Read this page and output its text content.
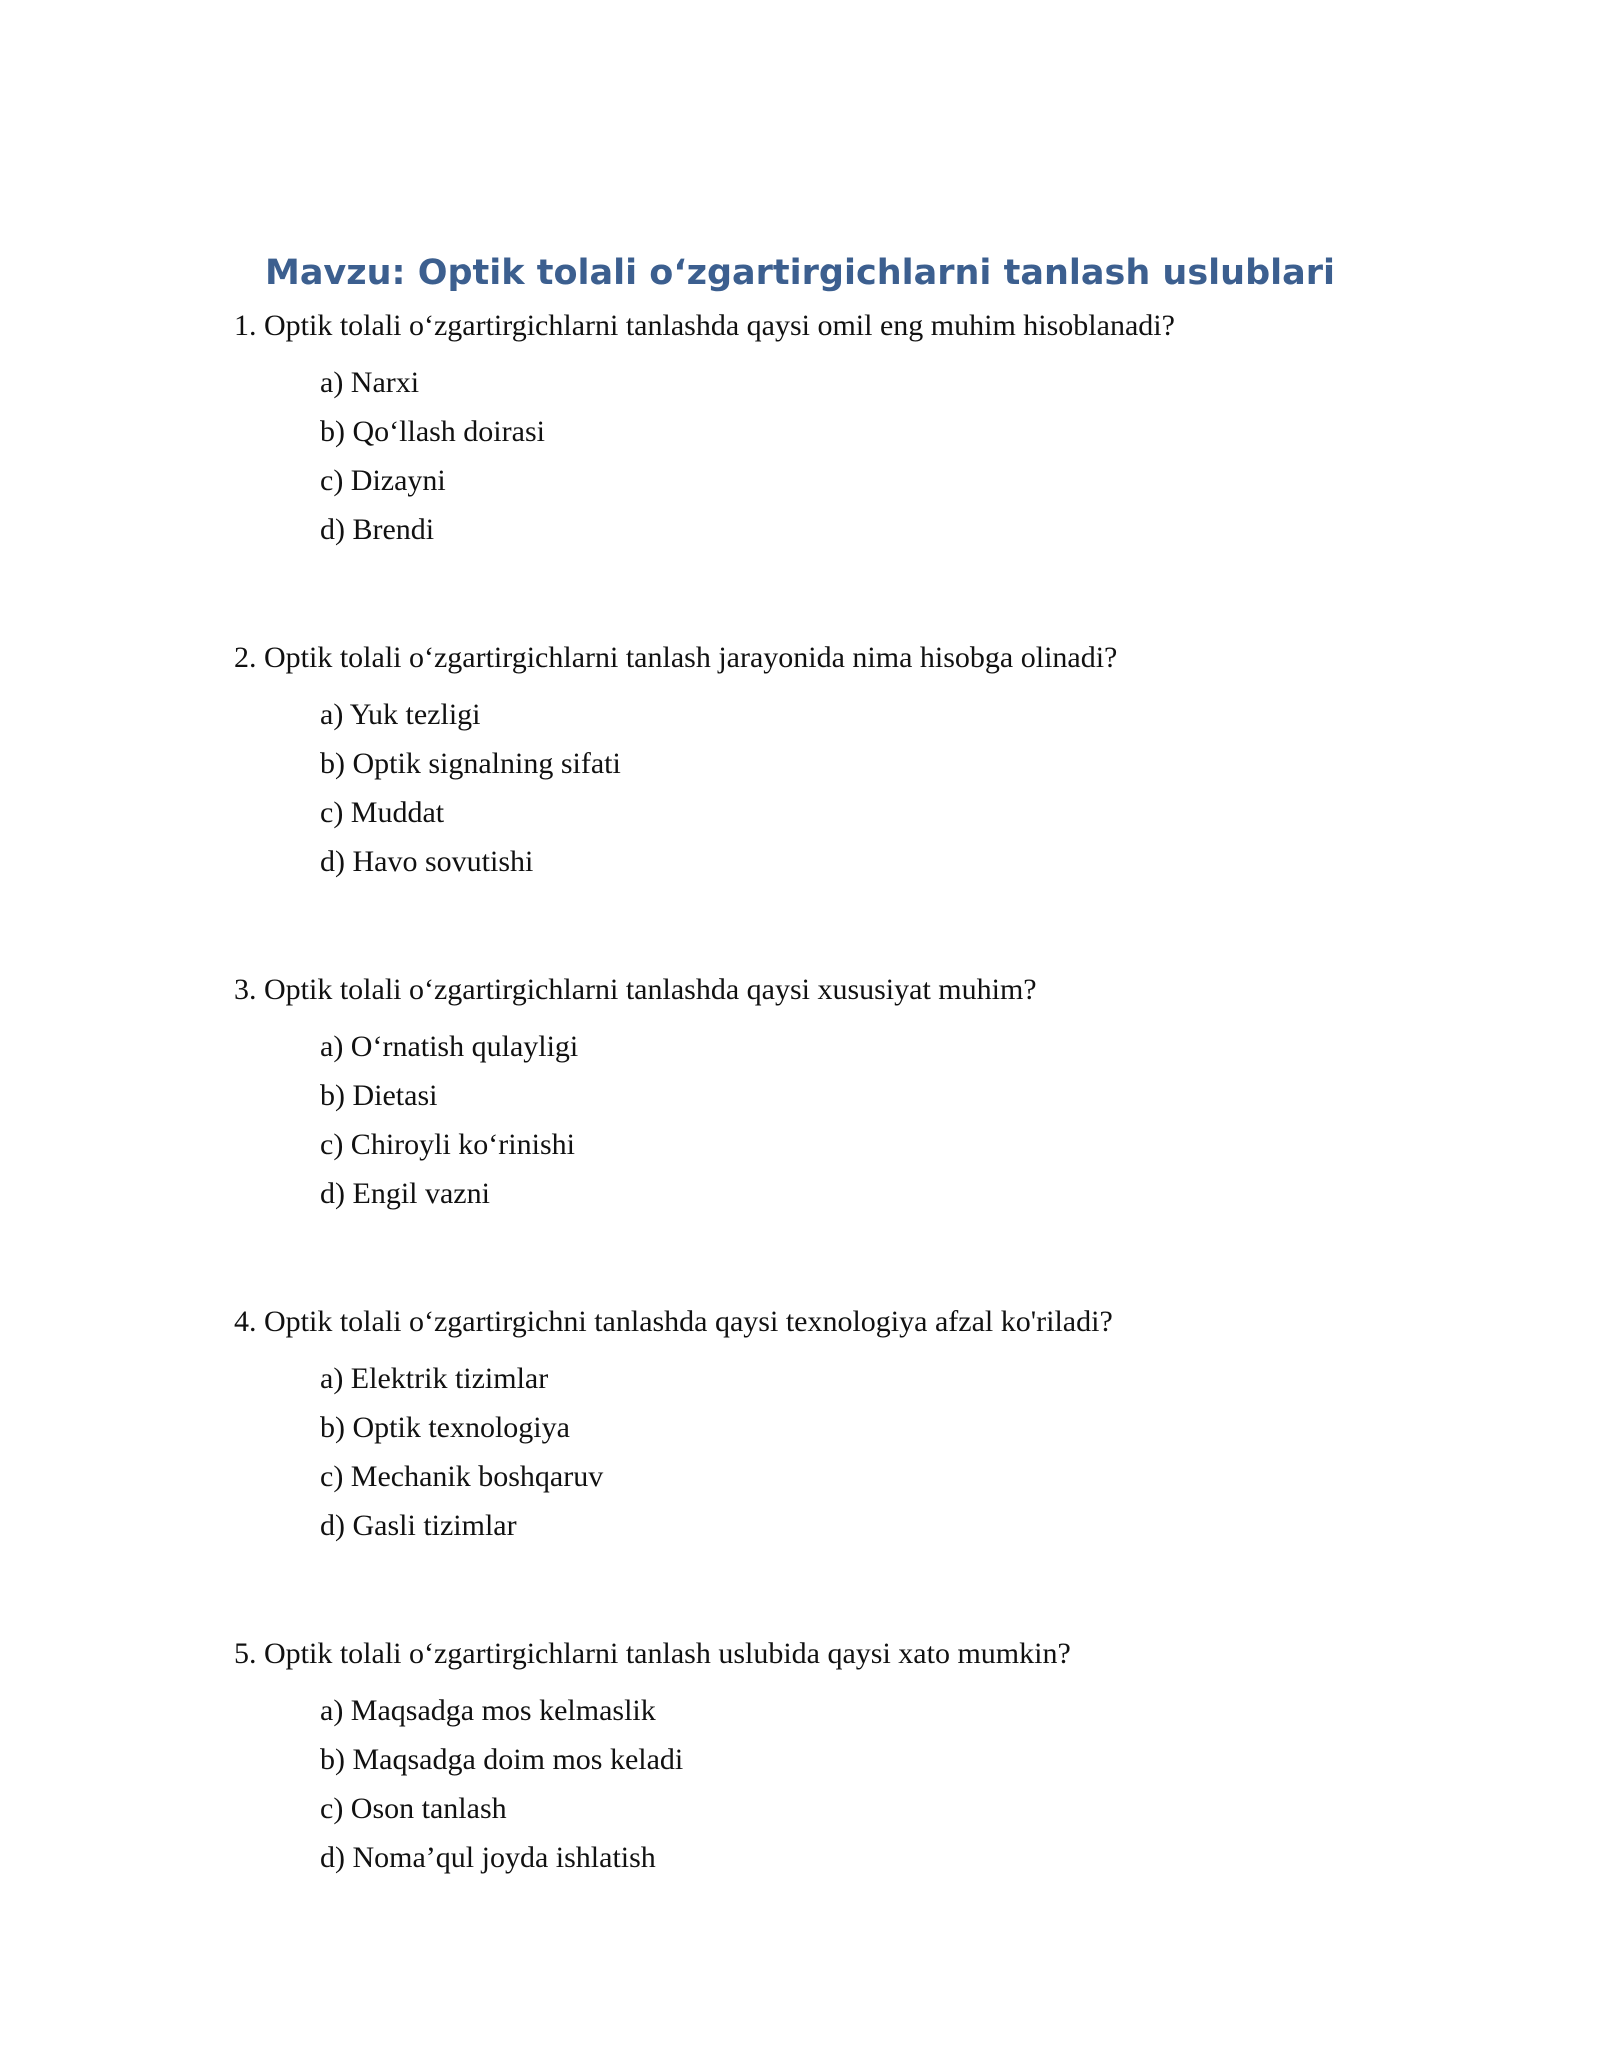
Mavzu: Optik tolali o‘zgartirgichlarni tanlash uslublari
1. Optik tolali o‘zgartirgichlarni tanlashda qaysi omil eng muhim hisoblanadi?
a) Narxi
b) Qo‘llash doirasi
c) Dizayni
d) Brendi
2. Optik tolali o‘zgartirgichlarni tanlash jarayonida nima hisobga olinadi?
a) Yuk tezligi
b) Optik signalning sifati
c) Muddat
d) Havo sovutishi
3. Optik tolali o‘zgartirgichlarni tanlashda qaysi xususiyat muhim?
a) O‘rnatish qulayligi
b) Dietasi
c) Chiroyli ko‘rinishi
d) Engil vazni
4. Optik tolali o‘zgartirgichni tanlashda qaysi texnologiya afzal ko'riladi?
a) Elektrik tizimlar
b) Optik texnologiya
c) Mechanik boshqaruv
d) Gasli tizimlar
5. Optik tolali o‘zgartirgichlarni tanlash uslubida qaysi xato mumkin?
a) Maqsadga mos kelmaslik
b) Maqsadga doim mos keladi
c) Oson tanlash
d) Noma’qul joyda ishlatish
